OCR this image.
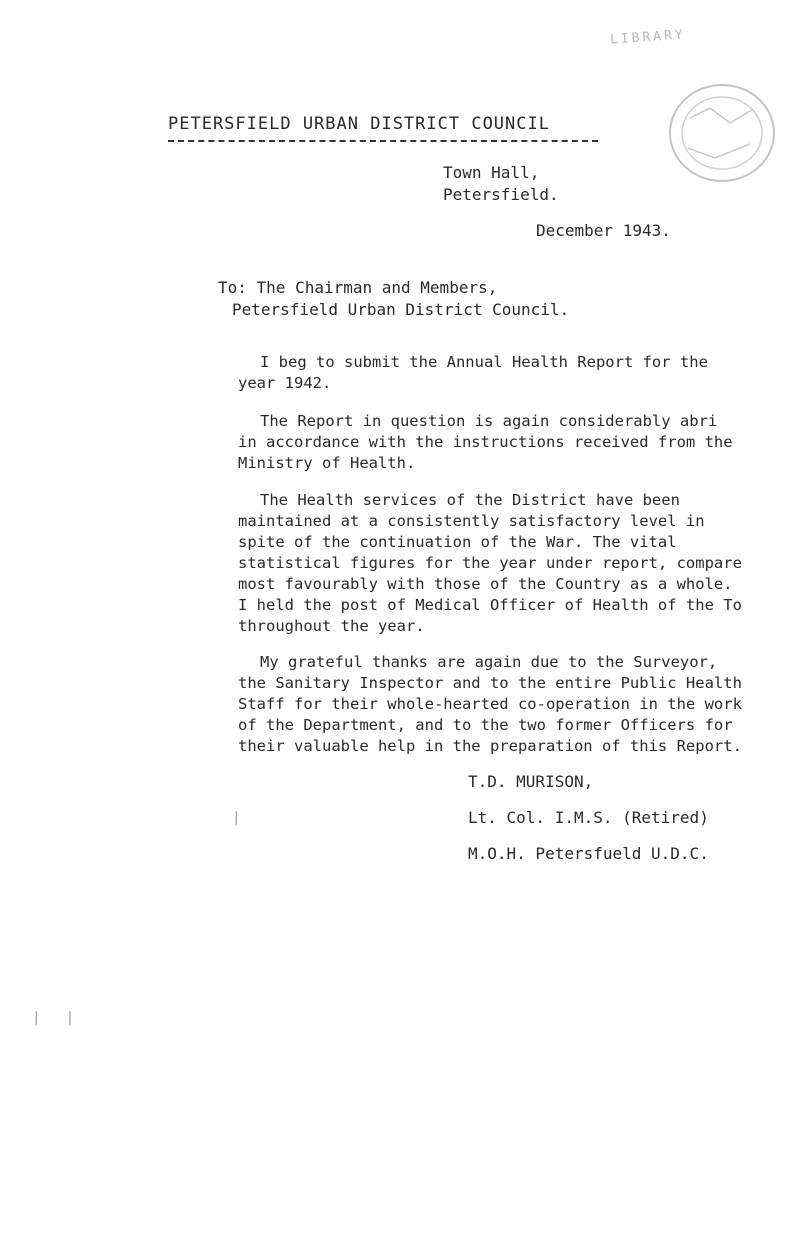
LIBRARY
PETERSFIELD URBAN DISTRICT COUNCIL
Town Hall,
Petersfield.
December 1943.
To: The Chairman and Members,
Petersfield Urban District Council.
I beg to submit the Annual Health Report for the
year 1942.
The Report in question is again considerably abri
in accordance with the instructions received from the
Ministry of Health.
The Health services of the District have been
maintained at a consistently satisfactory level in
spite of the continuation of the War. The vital
statistical figures for the year under report, compare
most favourably with those of the Country as a whole.
I held the post of Medical Officer of Health of the To
throughout the year.
My grateful thanks are again due to the Surveyor,
the Sanitary Inspector and to the entire Public Health
Staff for their whole-hearted co-operation in the work
of the Department, and to the two former Officers for
their valuable help in the preparation of this Report.
T.D. MURISON,
Lt. Col. I.M.S. (Retired)
M.O.H. Petersfueld U.D.C.
|   |
|
